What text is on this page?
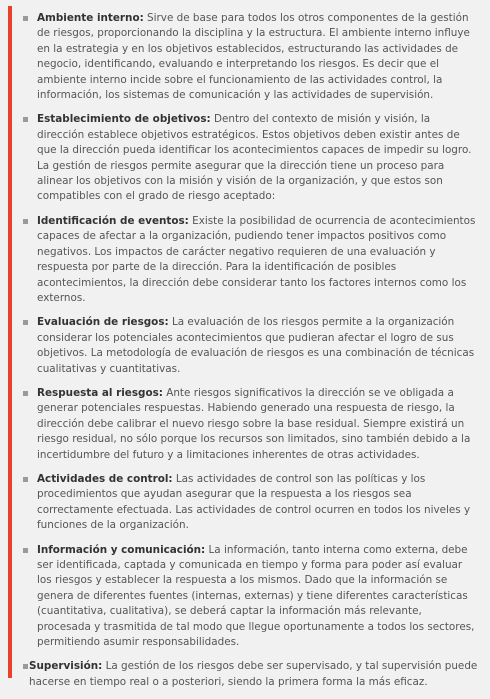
Ambiente interno: Sirve de base para todos los otros componentes de la gestión de riesgos, proporcionando la disciplina y la estructura. El ambiente interno influye en la estrategia y en los objetivos establecidos, estructurando las actividades de negocio, identificando, evaluando e interpretando los riesgos. Es decir que el ambiente interno incide sobre el funcionamiento de las actividades control, la información, los sistemas de comunicación y las actividades de supervisión.
Establecimiento de objetivos: Dentro del contexto de misión y visión, la dirección establece objetivos estratégicos. Estos objetivos deben existir antes de que la dirección pueda identificar los acontecimientos capaces de impedir su logro. La gestión de riesgos permite asegurar que la dirección tiene un proceso para alinear los objetivos con la misión y visión de la organización, y que estos son compatibles con el grado de riesgo aceptado:
Identificación de eventos: Existe la posibilidad de ocurrencia de acontecimientos capaces de afectar a la organización, pudiendo tener impactos positivos como negativos. Los impactos de carácter negativo requieren de una evaluación y respuesta por parte de la dirección. Para la identificación de posibles acontecimientos, la dirección debe considerar tanto los factores internos como los externos.
Evaluación de riesgos: La evaluación de los riesgos permite a la organización considerar los potenciales acontecimientos que pudieran afectar el logro de sus objetivos. La metodología de evaluación de riesgos es una combinación de técnicas cualitativas y cuantitativas.
Respuesta al riesgos: Ante riesgos significativos la dirección se ve obligada a generar potenciales respuestas. Habiendo generado una respuesta de riesgo, la dirección debe calibrar el nuevo riesgo sobre la base residual. Siempre existirá un riesgo residual, no sólo porque los recursos son limitados, sino también debido a la incertidumbre del futuro y a limitaciones inherentes de otras actividades.
Actividades de control: Las actividades de control son las políticas y los procedimientos que ayudan asegurar que la respuesta a los riesgos sea correctamente efectuada. Las actividades de control ocurren en todos los niveles y funciones de la organización.
Información y comunicación: La información, tanto interna como externa, debe ser identificada, captada y comunicada en tiempo y forma para poder así evaluar los riesgos y establecer la respuesta a los mismos. Dado que la información se genera de diferentes fuentes (internas, externas) y tiene diferentes características (cuantitativa, cualitativa), se deberá captar la información más relevante, procesada y trasmitida de tal modo que llegue oportunamente a todos los sectores, permitiendo asumir responsabilidades.
Supervisión: La gestión de los riesgos debe ser supervisado, y tal supervisión puede hacerse en tiempo real o a posteriori, siendo la primera forma la más eficaz.
